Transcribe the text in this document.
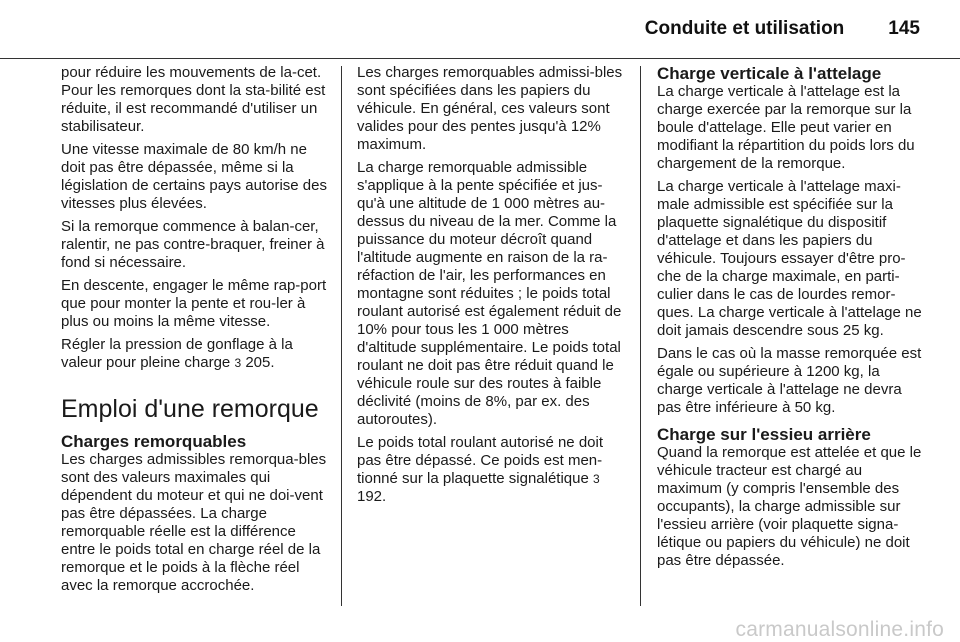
Conduite et utilisation 145

pour réduire les mouvements de la-cet. Pour les remorques dont la sta-bilité est réduite, il est recommandé d'utiliser un stabilisateur.

Une vitesse maximale de 80 km/h ne doit pas être dépassée, même si la législation de certains pays autorise des vitesses plus élevées.

Si la remorque commence à balan-cer, ralentir, ne pas contre-braquer, freiner à fond si nécessaire.

En descente, engager le même rap-port que pour monter la pente et rou-ler à plus ou moins la même vitesse.

Régler la pression de gonflage à la valeur pour pleine charge 3 205.

Emploi d'une remorque
Charges remorquables

Les charges admissibles remorqua-bles sont des valeurs maximales qui dépendent du moteur et qui ne doi-vent pas être dépassées. La charge remorquable réelle est la différence entre le poids total en charge réel de la remorque et le poids à la flèche réel avec la remorque accrochée.

Les charges remorquables admissi-bles sont spécifiées dans les papiers du véhicule. En général, ces valeurs sont valides pour des pentes jusqu'à 12% maximum.

La charge remorquable admissible s'applique à la pente spécifiée et jus-qu'à une altitude de 1 000 mètres au-dessus du niveau de la mer. Comme la puissance du moteur décroît quand l'altitude augmente en raison de la ra-réfaction de l'air, les performances en montagne sont réduites ; le poids total roulant autorisé est également réduit de 10% pour tous les 1 000 mètres d'altitude supplémentaire. Le poids total roulant ne doit pas être réduit quand le véhicule roule sur des routes à faible déclivité (moins de 8%, par ex. des autoroutes).

Le poids total roulant autorisé ne doit pas être dépassé. Ce poids est men-tionné sur la plaquette signalétique 3 192.

Charge verticale à l'attelage

La charge verticale à l'attelage est la charge exercée par la remorque sur la boule d'attelage. Elle peut varier en modifiant la répartition du poids lors du chargement de la remorque.

La charge verticale à l'attelage maxi-male admissible est spécifiée sur la plaquette signalétique du dispositif d'attelage et dans les papiers du véhicule. Toujours essayer d'être pro-che de la charge maximale, en parti-culier dans le cas de lourdes remor-ques. La charge verticale à l'attelage ne doit jamais descendre sous 25 kg.

Dans le cas où la masse remorquée est égale ou supérieure à 1200 kg, la charge verticale à l'attelage ne devra pas être inférieure à 50 kg.

Charge sur l'essieu arrière

Quand la remorque est attelée et que le véhicule tracteur est chargé au maximum (y compris l'ensemble des occupants), la charge admissible sur l'essieu arrière (voir plaquette signa-létique ou papiers du véhicule) ne doit pas être dépassée.

carmanualsonline.info
